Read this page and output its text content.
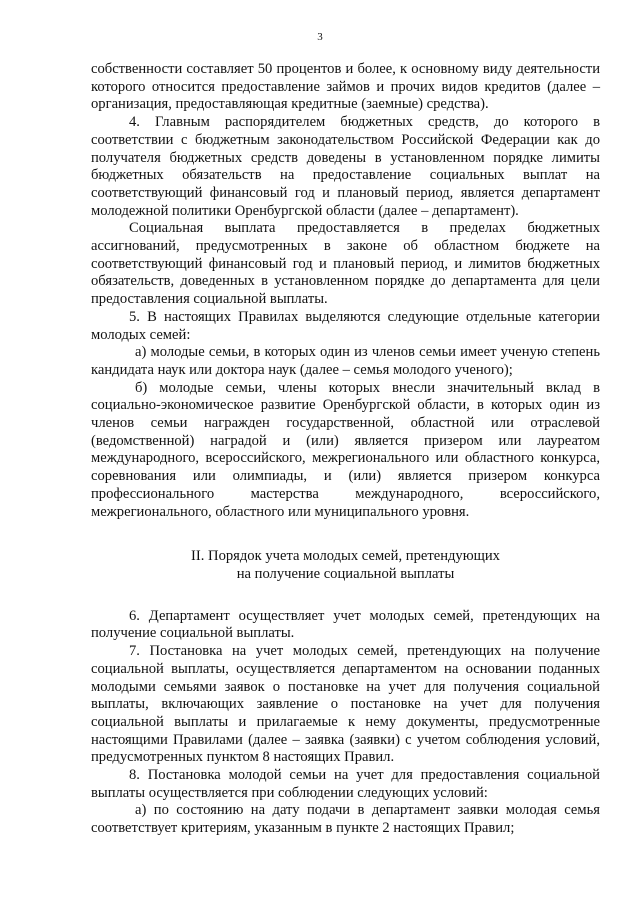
3

собственности составляет 50 процентов и более, к основному виду деятельности которого относится предоставление займов и прочих видов кредитов (далее – организация, предоставляющая кредитные (заемные) средства).

4. Главным распорядителем бюджетных средств, до которого в соответствии с бюджетным законодательством Российской Федерации как до получателя бюджетных средств доведены в установленном порядке лимиты бюджетных обязательств на предоставление социальных выплат на соответствующий финансовый год и плановый период, является департамент молодежной политики Оренбургской области (далее – департамент).

Социальная выплата предоставляется в пределах бюджетных ассигнований, предусмотренных в законе об областном бюджете на соответствующий финансовый год и плановый период, и лимитов бюджетных обязательств, доведенных в установленном порядке до департамента для цели предоставления социальной выплаты.

5. В настоящих Правилах выделяются следующие отдельные категории молодых семей:

а) молодые семьи, в которых один из членов семьи имеет ученую степень кандидата наук или доктора наук (далее – семья молодого ученого);

б) молодые семьи, члены которых внесли значительный вклад в социально-экономическое развитие Оренбургской области, в которых один из членов семьи награжден государственной, областной или отраслевой (ведомственной) наградой и (или) является призером или лауреатом международного, всероссийского, межрегионального или областного конкурса, соревнования или олимпиады, и (или) является призером конкурса профессионального мастерства международного, всероссийского, межрегионального, областного или муниципального уровня.

II. Порядок учета молодых семей, претендующих
на получение социальной выплаты

6. Департамент осуществляет учет молодых семей, претендующих на получение социальной выплаты.

7. Постановка на учет молодых семей, претендующих на получение социальной выплаты, осуществляется департаментом на основании поданных молодыми семьями заявок о постановке на учет для получения социальной выплаты, включающих заявление о постановке на учет для получения социальной выплаты и прилагаемые к нему документы, предусмотренные настоящими Правилами (далее – заявка (заявки) с учетом соблюдения условий, предусмотренных пунктом 8 настоящих Правил.

8. Постановка молодой семьи на учет для предоставления социальной выплаты осуществляется при соблюдении следующих условий:

а) по состоянию на дату подачи в департамент заявки молодая семья соответствует критериям, указанным в пункте 2 настоящих Правил;
